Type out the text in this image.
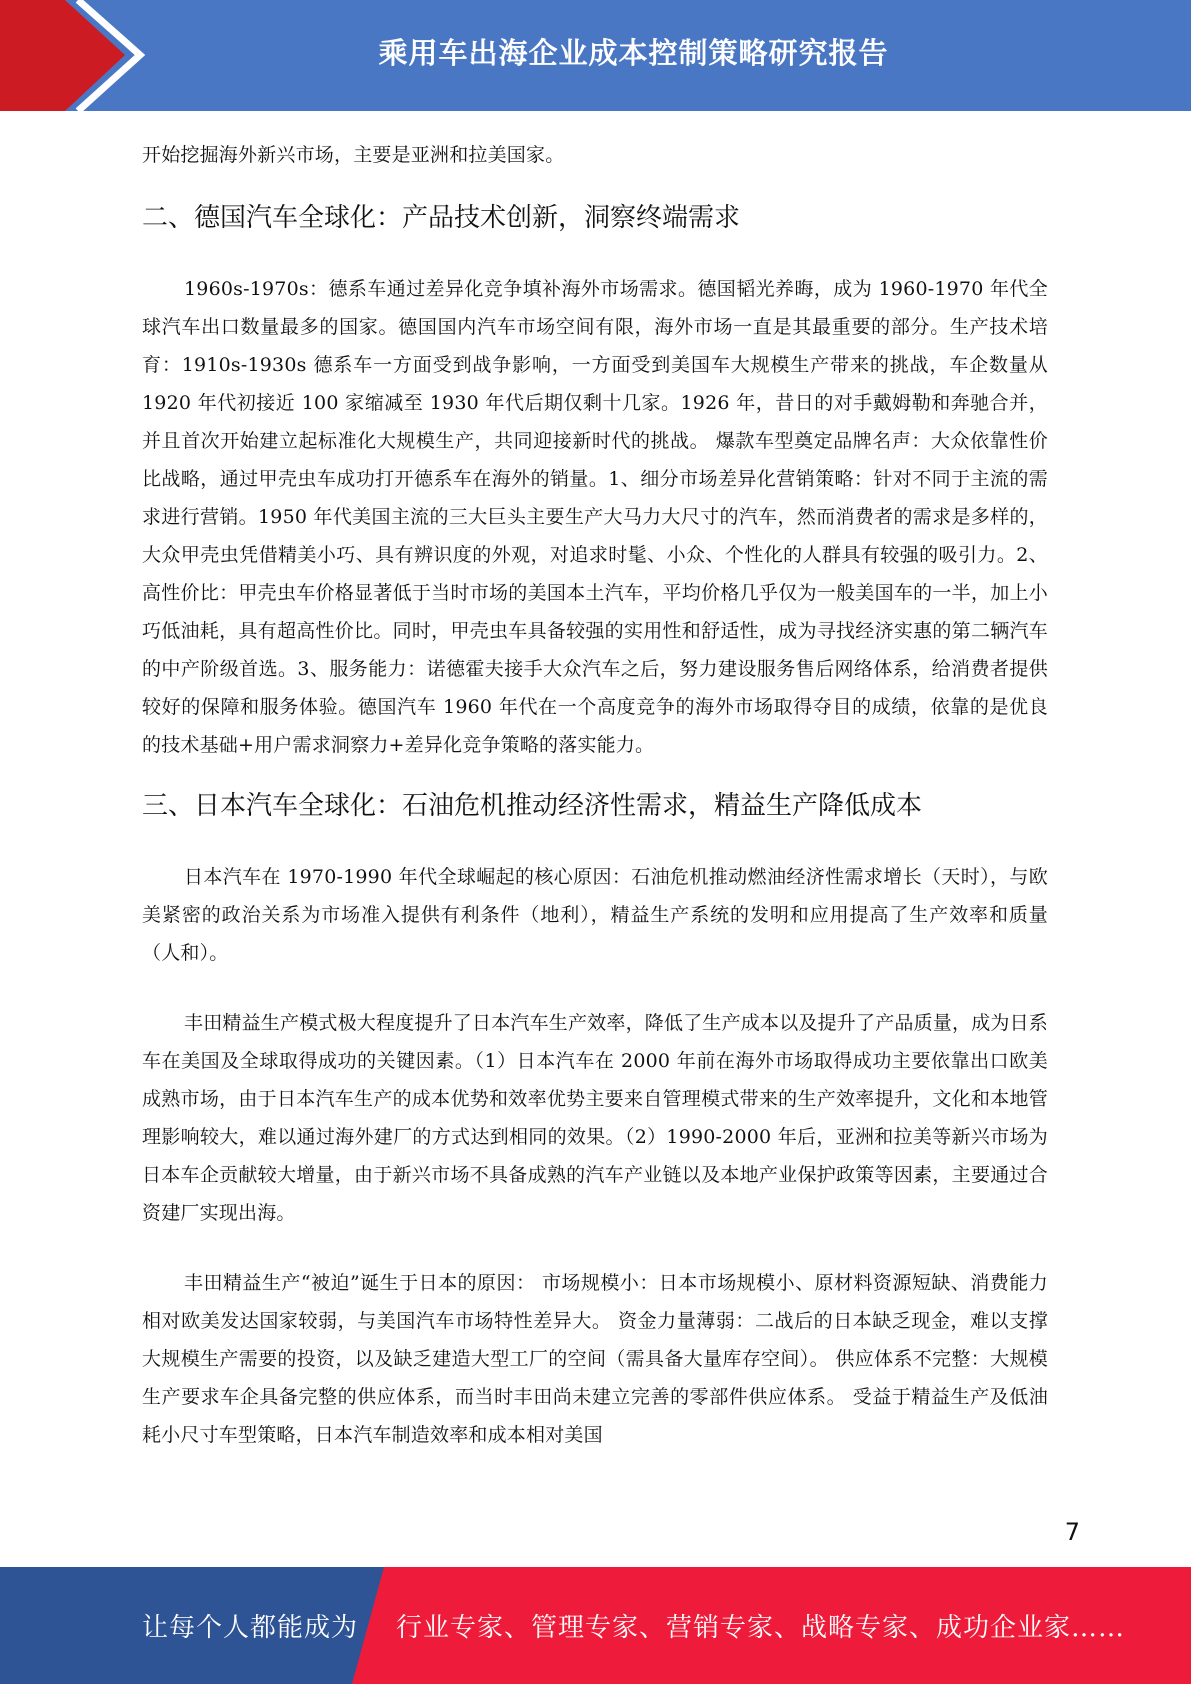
乘用车出海企业成本控制策略研究报告

开始挖掘海外新兴市场，主要是亚洲和拉美国家。

二、德国汽车全球化：产品技术创新，洞察终端需求

1960s-1970s：德系车通过差异化竞争填补海外市场需求。德国韬光养晦，成为 1960-1970 年代全球汽车出口数量最多的国家。德国国内汽车市场空间有限，海外市场一直是其最重要的部分。生产技术培育：1910s-1930s 德系车一方面受到战争影响，一方面受到美国车大规模生产带来的挑战，车企数量从 1920 年代初接近 100 家缩减至 1930 年代后期仅剩十几家。1926 年，昔日的对手戴姆勒和奔驰合并，并且首次开始建立起标准化大规模生产，共同迎接新时代的挑战。 爆款车型奠定品牌名声：大众依靠性价比战略，通过甲壳虫车成功打开德系车在海外的销量。1、细分市场差异化营销策略：针对不同于主流的需求进行营销。1950 年代美国主流的三大巨头主要生产大马力大尺寸的汽车，然而消费者的需求是多样的，大众甲壳虫凭借精美小巧、具有辨识度的外观，对追求时髦、小众、个性化的人群具有较强的吸引力。2、高性价比：甲壳虫车价格显著低于当时市场的美国本土汽车，平均价格几乎仅为一般美国车的一半，加上小巧低油耗，具有超高性价比。同时，甲壳虫车具备较强的实用性和舒适性，成为寻找经济实惠的第二辆汽车的中产阶级首选。3、服务能力：诺德霍夫接手大众汽车之后，努力建设服务售后网络体系，给消费者提供较好的保障和服务体验。德国汽车 1960 年代在一个高度竞争的海外市场取得夺目的成绩，依靠的是优良的技术基础+用户需求洞察力+差异化竞争策略的落实能力。

三、日本汽车全球化：石油危机推动经济性需求，精益生产降低成本

日本汽车在 1970-1990 年代全球崛起的核心原因：石油危机推动燃油经济性需求增长（天时），与欧美紧密的政治关系为市场准入提供有利条件（地利），精益生产系统的发明和应用提高了生产效率和质量（人和）。

丰田精益生产模式极大程度提升了日本汽车生产效率，降低了生产成本以及提升了产品质量，成为日系车在美国及全球取得成功的关键因素。（1）日本汽车在 2000 年前在海外市场取得成功主要依靠出口欧美成熟市场，由于日本汽车生产的成本优势和效率优势主要来自管理模式带来的生产效率提升，文化和本地管理影响较大，难以通过海外建厂的方式达到相同的效果。（2）1990-2000 年后，亚洲和拉美等新兴市场为日本车企贡献较大增量，由于新兴市场不具备成熟的汽车产业链以及本地产业保护政策等因素，主要通过合资建厂实现出海。

丰田精益生产“被迫”诞生于日本的原因： 市场规模小：日本市场规模小、原材料资源短缺、消费能力相对欧美发达国家较弱，与美国汽车市场特性差异大。 资金力量薄弱：二战后的日本缺乏现金，难以支撑大规模生产需要的投资，以及缺乏建造大型工厂的空间（需具备大量库存空间）。 供应体系不完整：大规模生产要求车企具备完整的供应体系，而当时丰田尚未建立完善的零部件供应体系。 受益于精益生产及低油耗小尺寸车型策略，日本汽车制造效率和成本相对美国

7
让每个人都能成为 行业专家、管理专家、营销专家、战略专家、成功企业家……
